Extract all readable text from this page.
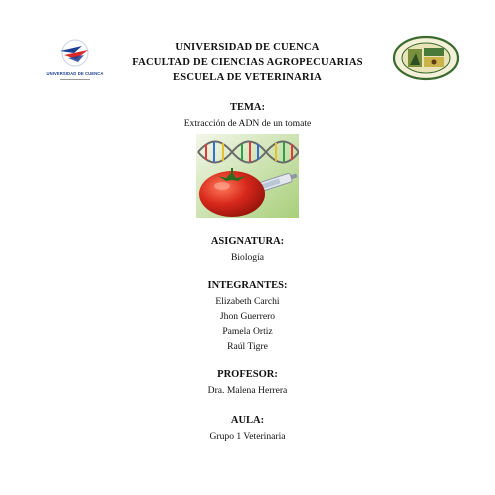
UNIVERSIDAD DE CUENCA
UNIVERSIDAD DE CUENCA
FACULTAD DE CIENCIAS AGROPECUARIAS
ESCUELA DE VETERINARIA
TEMA:
Extracción de ADN de un tomate
ASIGNATURA:
Biología
INTEGRANTES:
Elizabeth Carchi
Jhon Guerrero
Pamela Ortiz
Raúl Tigre
PROFESOR:
Dra. Malena Herrera
AULA:
Grupo 1 Veterinaria
